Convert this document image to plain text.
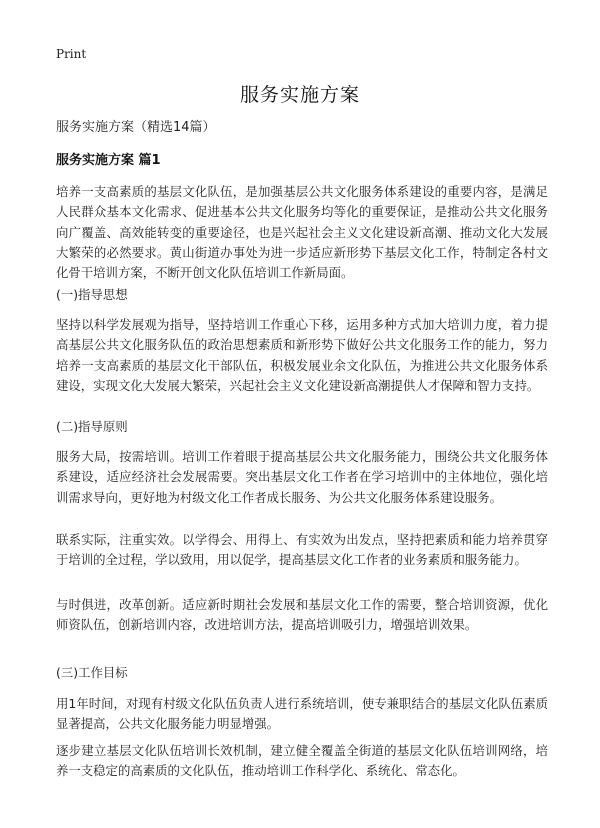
Print
服务实施方案
服务实施方案（精选14篇）
服务实施方案 篇1

培养一支高素质的基层文化队伍，是加强基层公共文化服务体系建设的重要内容，是满足人民群众基本文化需求、促进基本公共文化服务均等化的重要保证，是推动公共文化服务向广覆盖、高效能转变的重要途径，也是兴起社会主义文化建设新高潮、推动文化大发展大繁荣的必然要求。黄山街道办事处为进一步适应新形势下基层文化工作，特制定各村文化骨干培训方案，不断开创文化队伍培训工作新局面。

(一)指导思想

坚持以科学发展观为指导，坚持培训工作重心下移，运用多种方式加大培训力度，着力提高基层公共文化服务队伍的政治思想素质和新形势下做好公共文化服务工作的能力，努力培养一支高素质的基层文化干部队伍，积极发展业余文化队伍，为推进公共文化服务体系建设，实现文化大发展大繁荣，兴起社会主义文化建设新高潮提供人才保障和智力支持。

(二)指导原则

服务大局，按需培训。培训工作着眼于提高基层公共文化服务能力，围绕公共文化服务体系建设，适应经济社会发展需要。突出基层文化工作者在学习培训中的主体地位，强化培训需求导向，更好地为村级文化工作者成长服务、为公共文化服务体系建设服务。

联系实际，注重实效。以学得会、用得上、有实效为出发点，坚持把素质和能力培养贯穿于培训的全过程，学以致用，用以促学，提高基层文化工作者的业务素质和服务能力。

与时俱进，改革创新。适应新时期社会发展和基层文化工作的需要，整合培训资源，优化师资队伍，创新培训内容，改进培训方法，提高培训吸引力，增强培训效果。

(三)工作目标

用1年时间，对现有村级文化队伍负责人进行系统培训，使专兼职结合的基层文化队伍素质显著提高，公共文化服务能力明显增强。

逐步建立基层文化队伍培训长效机制，建立健全覆盖全街道的基层文化队伍培训网络，培养一支稳定的高素质的文化队伍，推动培训工作科学化、系统化、常态化。
